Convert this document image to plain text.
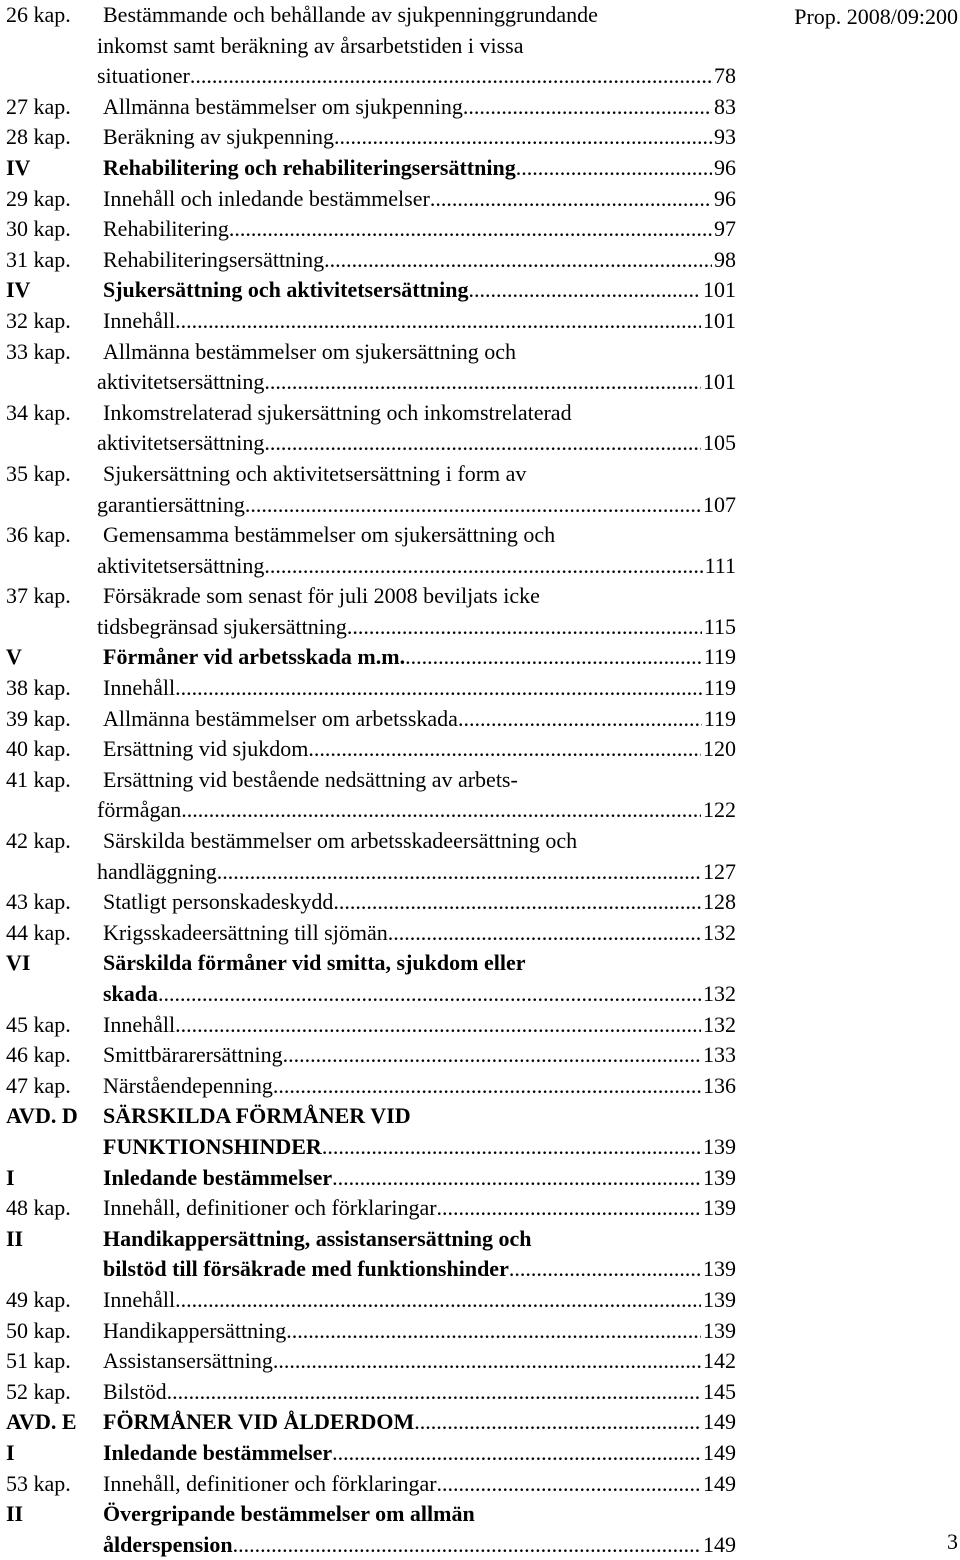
Prop. 2008/09:200
26 kap.	Bestämmande och behållande av sjukpenninggrundande
inkomst samt beräkning av årsarbetstiden i vissa
situationer .....	78
27 kap.	Allmänna bestämmelser om sjukpenning .....	83
28 kap.	Beräkning av sjukpenning .....	93
IV	Rehabilitering och rehabiliteringsersättning .....	96
29 kap.	Innehåll och inledande bestämmelser .....	96
30 kap.	Rehabilitering .....	97
31 kap.	Rehabiliteringsersättning .....	98
IV	Sjukersättning och aktivitetsersättning .....	101
32 kap.	Innehåll .....	101
33 kap.	Allmänna bestämmelser om sjukersättning och
aktivitetsersättning .....	101
34 kap.	Inkomstrelaterad sjukersättning och inkomstrelaterad
aktivitetsersättning .....	105
35 kap.	Sjukersättning och aktivitetsersättning i form av
garantiersättning .....	107
36 kap.	Gemensamma bestämmelser om sjukersättning och
aktivitetsersättning .....	111
37 kap.	Försäkrade som senast för juli 2008 beviljats icke
tidsbegränsad sjukersättning .....	115
V	Förmåner vid arbetsskada m.m. .....	119
38 kap.	Innehåll .....	119
39 kap.	Allmänna bestämmelser om arbetsskada .....	119
40 kap.	Ersättning vid sjukdom .....	120
41 kap.	Ersättning vid bestående nedsättning av arbets-
förmågan .....	122
42 kap.	Särskilda bestämmelser om arbetsskadeersättning och
handläggning .....	127
43 kap.	Statligt personskadeskydd .....	128
44 kap.	Krigsskadeersättning till sjömän .....	132
VI	Särskilda förmåner vid smitta, sjukdom eller
skada .....	132
45 kap.	Innehåll .....	132
46 kap.	Smittbärarersättning .....	133
47 kap.	Närståendepenning .....	136
AVD. D	SÄRSKILDA FÖRMÅNER VID
FUNKTIONSHINDER .....	139
I	Inledande bestämmelser .....	139
48 kap.	Innehåll, definitioner och förklaringar .....	139
II	Handikappersättning, assistansersättning och
bilstöd till försäkrade med funktionshinder .....	139
49 kap.	Innehåll .....	139
50 kap.	Handikappersättning .....	139
51 kap.	Assistansersättning .....	142
52 kap.	Bilstöd .....	145
AVD. E	FÖRMÅNER VID ÅLDERDOM .....	149
I	Inledande bestämmelser .....	149
53 kap.	Innehåll, definitioner och förklaringar .....	149
II	Övergripande bestämmelser om allmän
ålderspension .....	149	3
